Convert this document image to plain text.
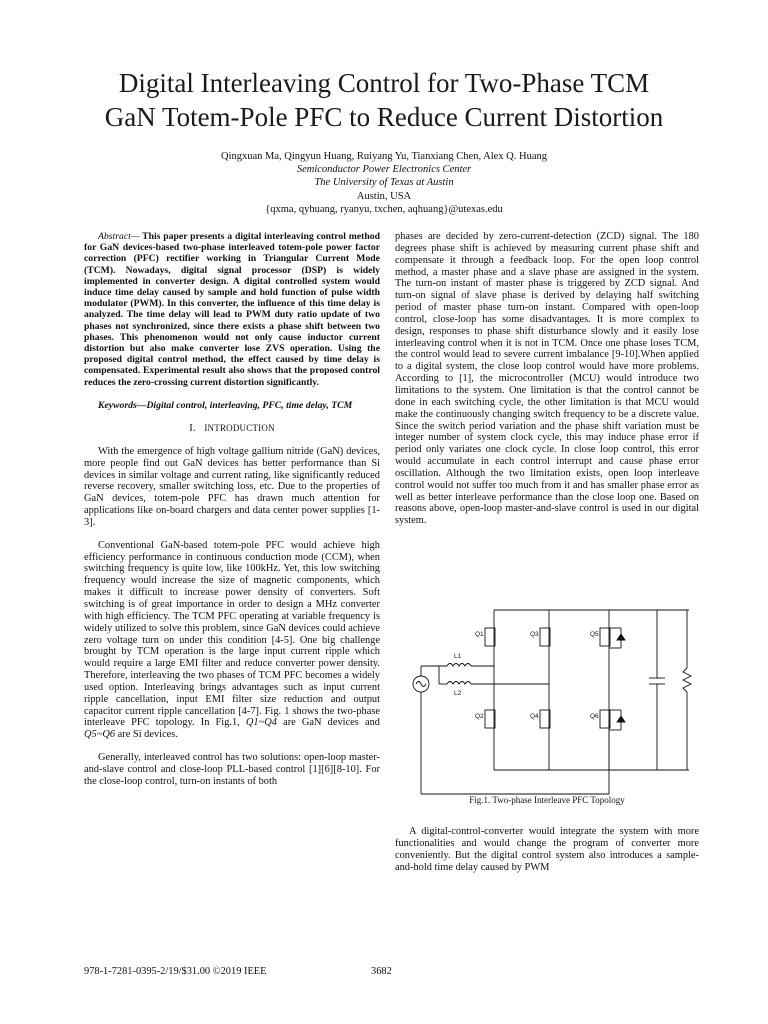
Digital Interleaving Control for Two-Phase TCM
GaN Totem-Pole PFC to Reduce Current Distortion
Qingxuan Ma, Qingyun Huang, Ruiyang Yu, Tianxiang Chen, Alex Q. Huang
Semiconductor Power Electronics Center
The University of Texas at Austin
Austin, USA
{qxma, qyhuang, ryanyu, txchen, aqhuang}@utexas.edu

Abstract— This paper presents a digital interleaving control method for GaN devices-based two-phase interleaved totem-pole power factor correction (PFC) rectifier working in Triangular Current Mode (TCM). Nowadays, digital signal processor (DSP) is widely implemented in converter design. A digital controlled system would induce time delay caused by sample and hold function of pulse width modulator (PWM). In this converter, the influence of this time delay is analyzed. The time delay will lead to PWM duty ratio update of two phases not synchronized, since there exists a phase shift between two phases. This phenomenon would not only cause inductor current distortion but also make converter lose ZVS operation. Using the proposed digital control method, the effect caused by time delay is compensated. Experimental result also shows that the proposed control reduces the zero-crossing current distortion significantly.

Keywords—Digital control, interleaving, PFC, time delay, TCM

I. INTRODUCTION

With the emergence of high voltage gallium nitride (GaN) devices, more people find out GaN devices has better performance than Si devices in similar voltage and current rating, like significantly reduced reverse recovery, smaller switching loss, etc. Due to the properties of GaN devices, totem-pole PFC has drawn much attention for applications like on-board chargers and data center power supplies [1-3].

Conventional GaN-based totem-pole PFC would achieve high efficiency performance in continuous conduction mode (CCM), when switching frequency is quite low, like 100kHz. Yet, this low switching frequency would increase the size of magnetic components, which makes it difficult to increase power density of converters. Soft switching is of great importance in order to design a MHz converter with high efficiency. The TCM PFC operating at variable frequency is widely utilized to solve this problem, since GaN devices could achieve zero voltage turn on under this condition [4-5]. One big challenge brought by TCM operation is the large input current ripple which would require a large EMI filter and reduce converter power density. Therefore, interleaving the two phases of TCM PFC becomes a widely used option. Interleaving brings advantages such as input current ripple cancellation, input EMI filter size reduction and output capacitor current ripple cancellation [4-7]. Fig. 1 shows the two-phase interleave PFC topology. In Fig.1, Q1~Q4 are GaN devices and Q5~Q6 are Si devices.

Generally, interleaved control has two solutions: open-loop master-and-slave control and close-loop PLL-based control [1][6][8-10]. For the close-loop control, turn-on instants of both

phases are decided by zero-current-detection (ZCD) signal. The 180 degrees phase shift is achieved by measuring current phase shift and compensate it through a feedback loop. For the open loop control method, a master phase and a slave phase are assigned in the system. The turn-on instant of master phase is triggered by ZCD signal. And turn-on signal of slave phase is derived by delaying half switching period of master phase turn-on instant. Compared with open-loop control, close-loop has some disadvantages. It is more complex to design, responses to phase shift disturbance slowly and it easily lose interleaving control when it is not in TCM. Once one phase loses TCM, the control would lead to severe current imbalance [9-10].When applied to a digital system, the close loop control would have more problems. According to [1], the microcontroller (MCU) would introduce two limitations to the system. One limitation is that the control cannot be done in each switching cycle, the other limitation is that MCU would make the continuously changing switch frequency to be a discrete value. Since the switch period variation and the phase shift variation must be integer number of system clock cycle, this may induce phase error if period only variates one clock cycle. In close loop control, this error would accumulate in each control interrupt and cause phase error oscillation. Although the two limitation exists, open loop interleave control would not suffer too much from it and has smaller phase error as well as better interleave performance than the close loop one. Based on reasons above, open-loop master-and-slave control is used in our digital system.

Q1
Q2
Q3
Q4
Q5
Q6
L1
L2
Fig.1. Two-phase Interleave PFC Topology

A digital-control-converter would integrate the system with more functionalities and would change the program of converter more conveniently. But the digital control system also introduces a sample-and-hold time delay caused by PWM

978-1-7281-0395-2/19/$31.00 ©2019 IEEE	3682
